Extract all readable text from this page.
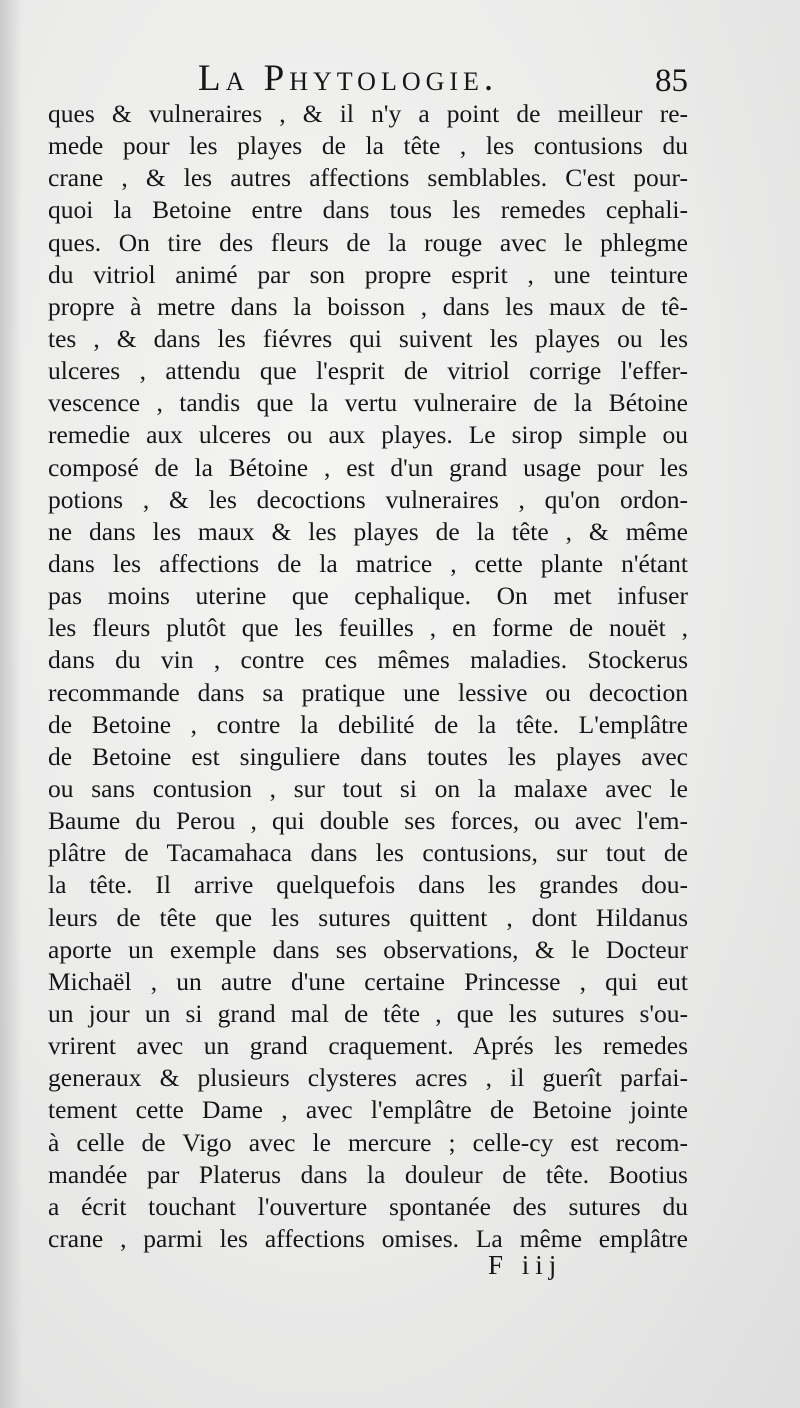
La Phytologie.	85
ques & vulneraires , & il n'y a point de meilleur re-
mede pour les playes de la tête , les contusions du
crane , & les autres affections semblables. C'est pour-
quoi la Betoine entre dans tous les remedes cephali-
ques. On tire des fleurs de la rouge avec le phlegme
du vitriol animé par son propre esprit , une teinture
propre à metre dans la boisson , dans les maux de tê-
tes , & dans les fiévres qui suivent les playes ou les
ulceres , attendu que l'esprit de vitriol corrige l'effer-
vescence , tandis que la vertu vulneraire de la Bétoine
remedie aux ulceres ou aux playes. Le sirop simple ou
composé de la Bétoine , est d'un grand usage pour les
potions , & les decoctions vulneraires , qu'on ordon-
ne dans les maux & les playes de la tête , & même
dans les affections de la matrice , cette plante n'étant
pas moins uterine que cephalique. On met infuser
les fleurs plutôt que les feuilles , en forme de nouët ,
dans du vin , contre ces mêmes maladies. Stockerus
recommande dans sa pratique une lessive ou decoction
de Betoine , contre la debilité de la tête. L'emplâtre
de Betoine est singuliere dans toutes les playes avec
ou sans contusion , sur tout si on la malaxe avec le
Baume du Perou , qui double ses forces, ou avec l'em-
plâtre de Tacamahaca dans les contusions, sur tout de
la tête. Il arrive quelquefois dans les grandes dou-
leurs de tête que les sutures quittent , dont Hildanus
aporte un exemple dans ses observations, & le Docteur
Michaël , un autre d'une certaine Princesse , qui eut
un jour un si grand mal de tête , que les sutures s'ou-
vrirent avec un grand craquement. Aprés les remedes
generaux & plusieurs clysteres acres , il guerît parfai-
tement cette Dame , avec l'emplâtre de Betoine jointe
à celle de Vigo avec le mercure ; celle-cy est recom-
mandée par Platerus dans la douleur de tête. Bootius
a écrit touchant l'ouverture spontanée des sutures du
crane , parmi les affections omises. La même emplâtre
F iij
